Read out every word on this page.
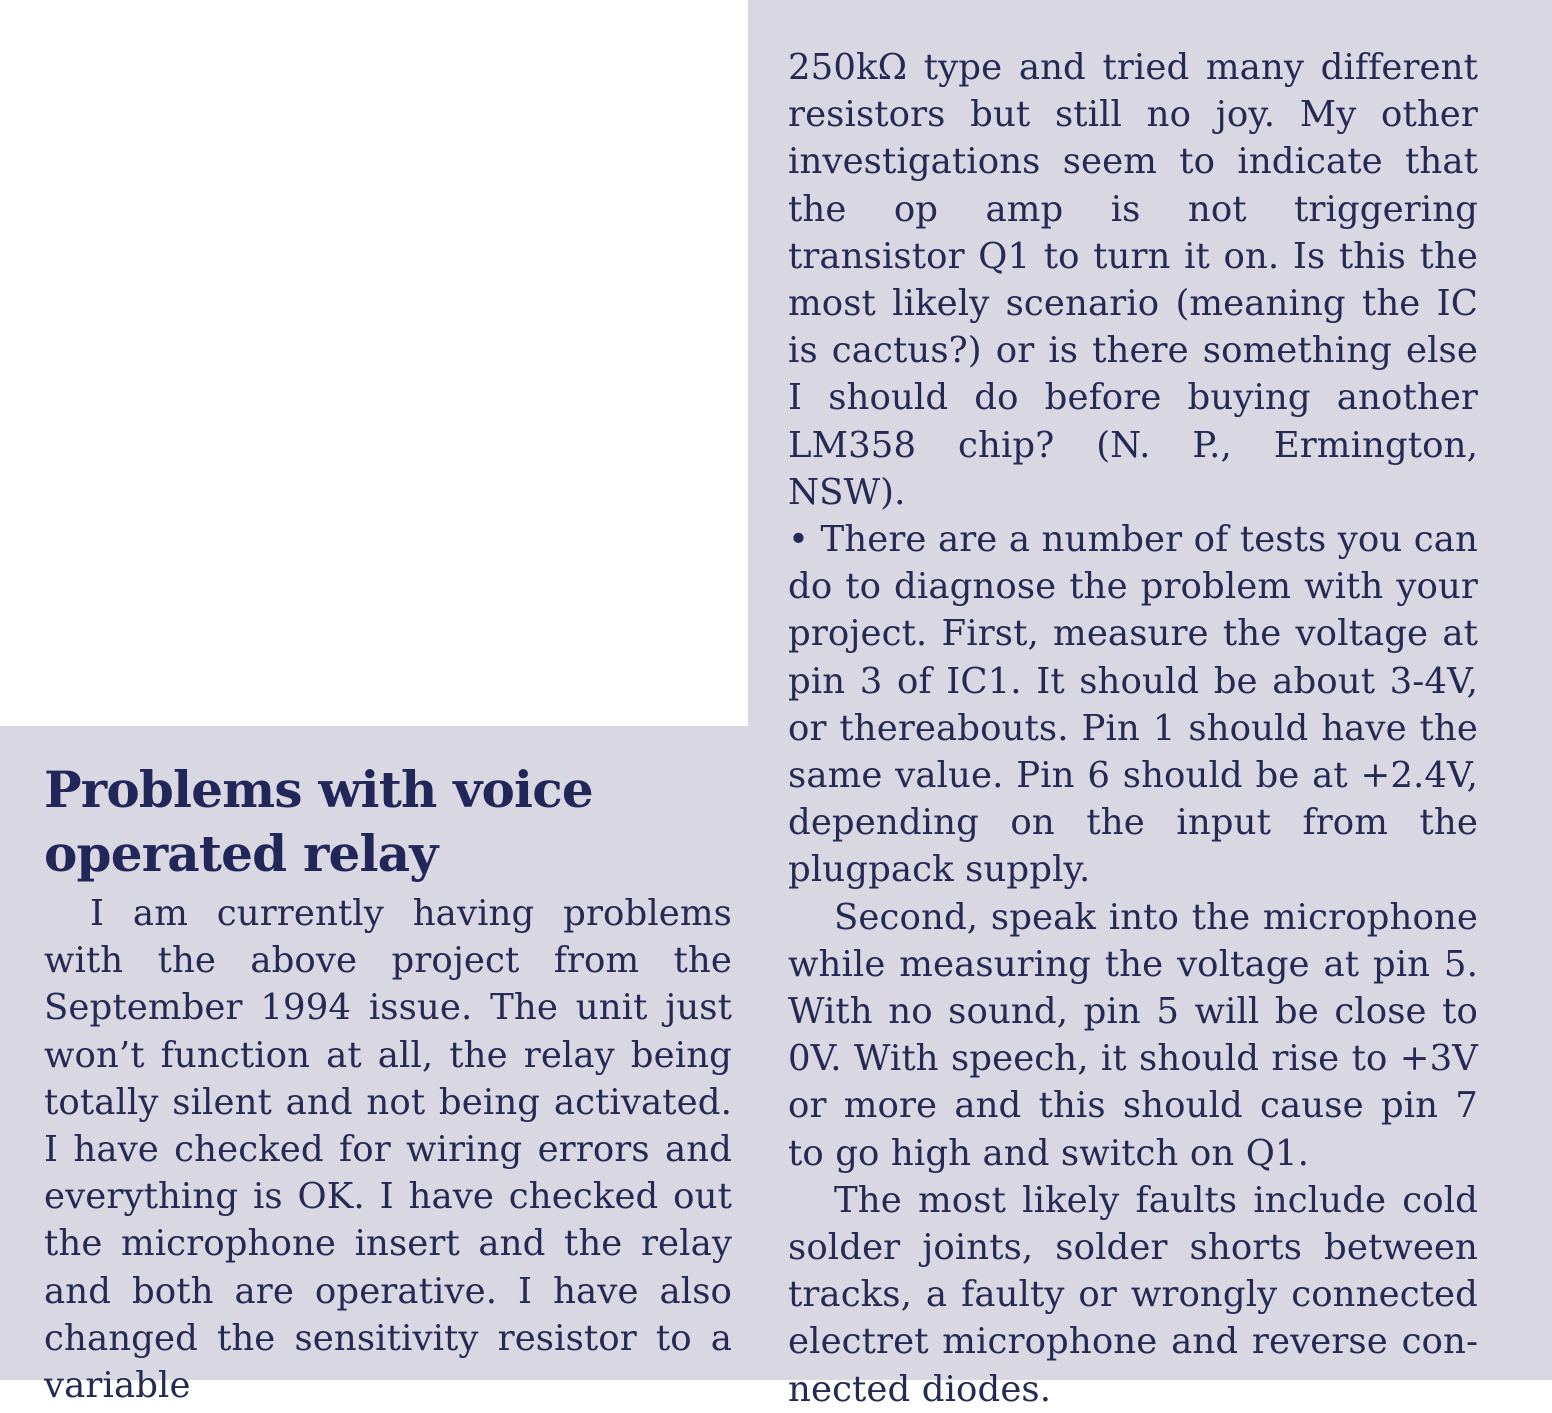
Problems with voice
operated relay

I am currently having problems with the above project from the September 1994 issue. The unit just won’t function at all, the relay being totally silent and not being activated. I have checked for wiring errors and everything is OK. I have checked out the microphone insert and the relay and both are operative. I have also changed the sensitivity resistor to a variable

250kΩ type and tried many different resistors but still no joy. My other investigations seem to indicate that the op amp is not triggering transistor Q1 to turn it on. Is this the most likely scenario (meaning the IC is cactus?) or is there something else I should do before buying another LM358 chip? (N. P., Ermington, NSW).

• There are a number of tests you can do to diagnose the problem with your project. First, measure the voltage at pin 3 of IC1. It should be about 3-4V, or thereabouts. Pin 1 should have the same value. Pin 6 should be at +2.4V, depending on the input from the plugpack supply.

Second, speak into the microphone while measuring the voltage at pin 5. With no sound, pin 5 will be close to 0V. With speech, it should rise to +3V or more and this should cause pin 7 to go high and switch on Q1.

The most likely faults include cold solder joints, solder shorts between tracks, a faulty or wrongly connected electret microphone and reverse connected diodes.
